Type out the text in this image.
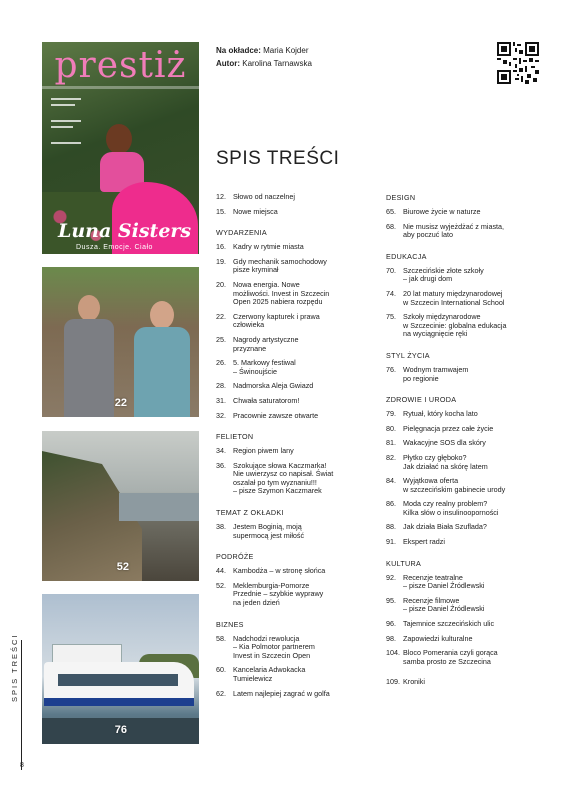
prestiż
Luna Sisters
Dusza. Emocje. Ciało
22
52
76
Na okładce: Maria Kojder
Autor: Karolina Tarnawska
SPIS TREŚCI
12. Słowo od naczelnej
15. Nowe miejsca
WYDARZENIA
16. Kadry w rytmie miasta
19. Gdy mechanik samochodowy
pisze kryminał
20. Nowa energia. Nowe
możliwości. Invest in Szczecin
Open 2025 nabiera rozpędu
22. Czerwony kapturek i prawa
człowieka
25. Nagrody artystyczne
przyznane
26. 5. Markowy festiwal
– Świnoujście
28. Nadmorska Aleja Gwiazd
31. Chwała saturatorom!
32. Pracownie zawsze otwarte
FELIETON
34. Region piwem lany
36. Szokujące słowa Kaczmarka!
Nie uwierzysz co napisał. Świat
oszalał po tym wyznaniu!!!
– pisze Szymon Kaczmarek
TEMAT Z OKŁADKI
38. Jestem Boginią, moją
supermocą jest miłość
PODRÓŻE
44. Kambodża – w stronę słońca
52. Meklemburgia-Pomorze
Przednie – szybkie wyprawy
na jeden dzień
BIZNES
58. Nadchodzi rewolucja
– Kia Polmotor partnerem
Invest in Szczecin Open
60. Kancelaria Adwokacka
Tumielewicz
62. Latem najlepiej zagrać w golfa
DESIGN
65. Biurowe życie w naturze
68. Nie musisz wyjeżdżać z miasta,
aby poczuć lato
EDUKACJA
70. Szczecińskie złote szkoły
– jak drugi dom
74. 20 lat matury międzynarodowej
w Szczecin International School
75. Szkoły międzynarodowe
w Szczecinie: globalna edukacja
na wyciągnięcie ręki
STYL ŻYCIA
76. Wodnym tramwajem
po regionie
ZDROWIE I URODA
79. Rytuał, który kocha lato
80. Pielęgnacja przez całe życie
81. Wakacyjne SOS dla skóry
82. Płytko czy głęboko?
Jak działać na skórę latem
84. Wyjątkowa oferta
w szczecińskim gabinecie urody
86. Moda czy realny problem?
Kilka słów o insulinooporności
88. Jak działa Biała Szuflada?
91. Ekspert radzi
KULTURA
92. Recenzje teatralne
– pisze Daniel Źródlewski
95. Recenzje filmowe
– pisze Daniel Źródlewski
96. Tajemnice szczecińskich ulic
98. Zapowiedzi kulturalne
104. Bloco Pomerania czyli gorąca
samba prosto ze Szczecina
109. Kroniki
SPIS TREŚCI
8
